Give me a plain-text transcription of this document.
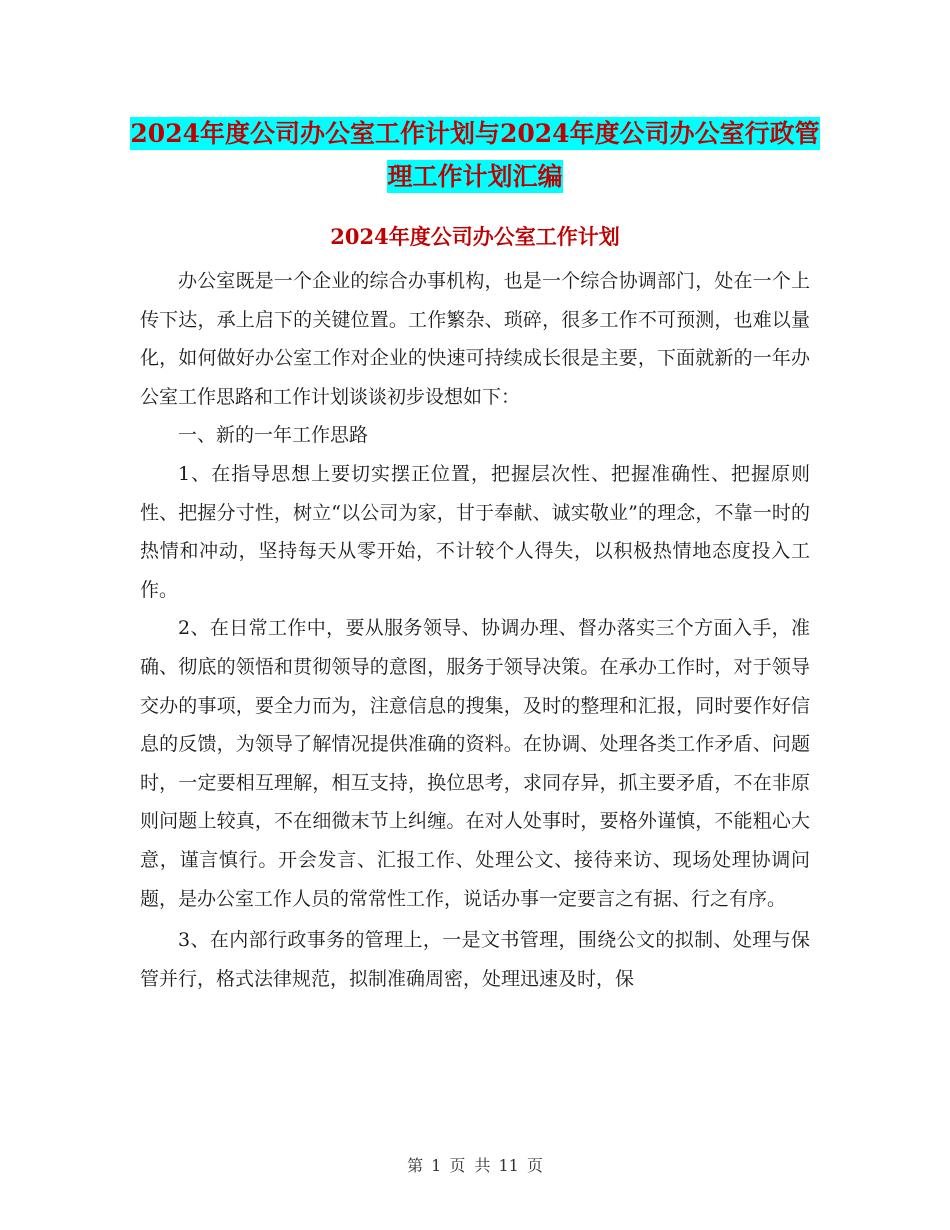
2024年度公司办公室工作计划与2024年度公司办公室行政管理工作计划汇编
2024年度公司办公室工作计划

办公室既是一个企业的综合办事机构，也是一个综合协调部门，处在一个上传下达，承上启下的关键位置。工作繁杂、琐碎，很多工作不可预测，也难以量化，如何做好办公室工作对企业的快速可持续成长很是主要，下面就新的一年办公室工作思路和工作计划谈谈初步设想如下：

一、新的一年工作思路

1、在指导思想上要切实摆正位置，把握层次性、把握准确性、把握原则性、把握分寸性，树立“以公司为家，甘于奉献、诚实敬业”的理念，不靠一时的热情和冲动，坚持每天从零开始，不计较个人得失，以积极热情地态度投入工作。

2、在日常工作中，要从服务领导、协调办理、督办落实三个方面入手，准确、彻底的领悟和贯彻领导的意图，服务于领导决策。在承办工作时，对于领导交办的事项，要全力而为，注意信息的搜集，及时的整理和汇报，同时要作好信息的反馈，为领导了解情况提供准确的资料。在协调、处理各类工作矛盾、问题时，一定要相互理解，相互支持，换位思考，求同存异，抓主要矛盾，不在非原则问题上较真，不在细微末节上纠缠。在对人处事时，要格外谨慎，不能粗心大意，谨言慎行。开会发言、汇报工作、处理公文、接待来访、现场处理协调问题，是办公室工作人员的常常性工作，说话办事一定要言之有据、行之有序。

3、在内部行政事务的管理上，一是文书管理，围绕公文的拟制、处理与保管并行，格式法律规范，拟制准确周密，处理迅速及时，保

第 1 页 共 11 页
